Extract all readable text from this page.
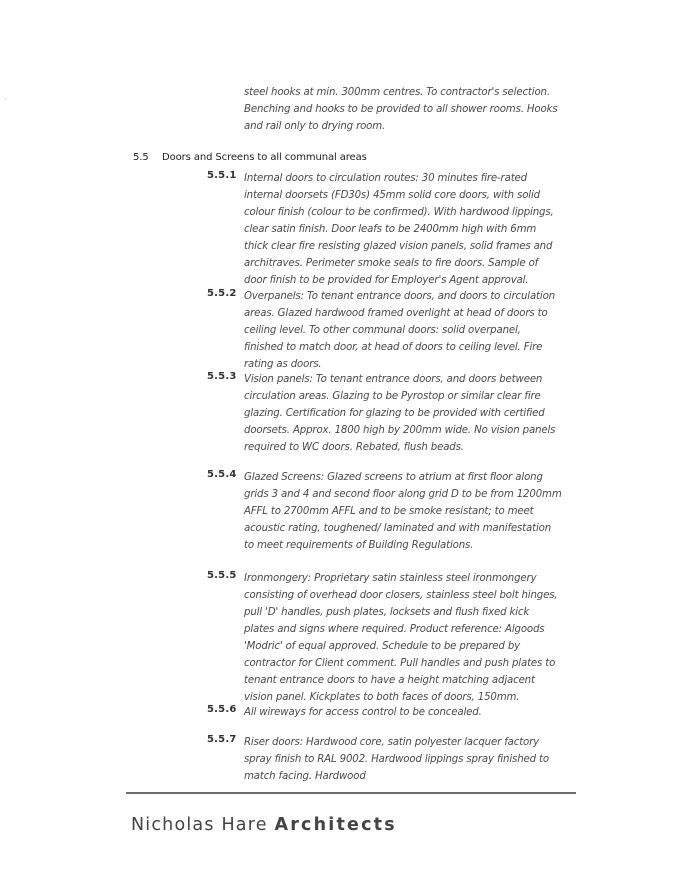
˄
steel hooks at min. 300mm centres. To contractor's selection. Benching and hooks to be provided to all shower rooms. Hooks and rail only to drying room.
5.5 Doors and Screens to all communal areas
5.5.1 Internal doors to circulation routes: 30 minutes fire-rated internal doorsets (FD30s) 45mm solid core doors, with solid colour finish (colour to be confirmed). With hardwood lippings, clear satin finish. Door leafs to be 2400mm high with 6mm thick clear fire resisting glazed vision panels, solid frames and architraves. Perimeter smoke seals to fire doors. Sample of door finish to be provided for Employer's Agent approval.
5.5.2 Overpanels: To tenant entrance doors, and doors to circulation areas. Glazed hardwood framed overlight at head of doors to ceiling level. To other communal doors: solid overpanel, finished to match door, at head of doors to ceiling level. Fire rating as doors.
5.5.3 Vision panels: To tenant entrance doors, and doors between circulation areas. Glazing to be Pyrostop or similar clear fire glazing. Certification for glazing to be provided with certified doorsets. Approx. 1800 high by 200mm wide. No vision panels required to WC doors. Rebated, flush beads.
5.5.4 Glazed Screens: Glazed screens to atrium at first floor along grids 3 and 4 and second floor along grid D to be from 1200mm AFFL to 2700mm AFFL and to be smoke resistant; to meet acoustic rating, toughened/ laminated and with manifestation to meet requirements of Building Regulations.
5.5.5 Ironmongery: Proprietary satin stainless steel ironmongery consisting of overhead door closers, stainless steel bolt hinges, pull 'D' handles, push plates, locksets and flush fixed kick plates and signs where required. Product reference: Algoods 'Modric' of equal approved. Schedule to be prepared by contractor for Client comment. Pull handles and push plates to tenant entrance doors to have a height matching adjacent vision panel. Kickplates to both faces of doors, 150mm.
5.5.6 All wireways for access control to be concealed.
5.5.7 Riser doors: Hardwood core, satin polyester lacquer factory spray finish to RAL 9002. Hardwood lippings spray finished to match facing. Hardwood
Nicholas Hare Architects
